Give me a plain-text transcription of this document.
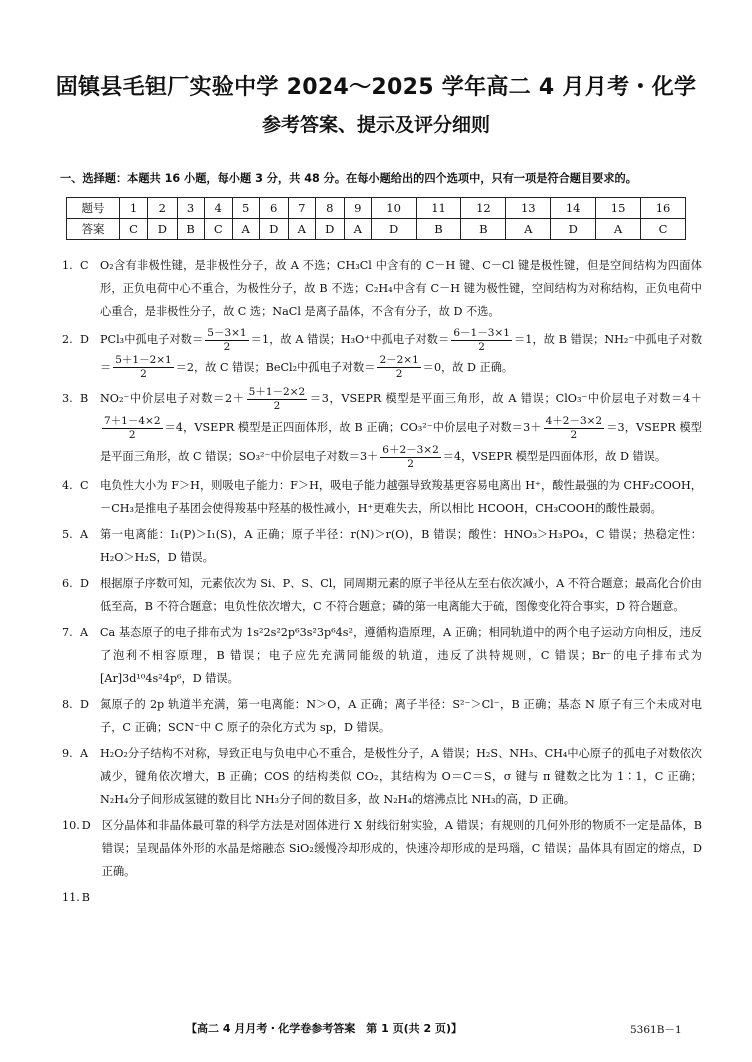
固镇县毛钽厂实验中学 2024～2025 学年高二 4 月月考・化学
参考答案、提示及评分细则
一、选择题：本题共 16 小题，每小题 3 分，共 48 分。在每小题给出的四个选项中，只有一项是符合题目要求的。
题号	1	2	3	4	5	6	7	8	9	10	11	12	13	14	15	16
答案	C	D	B	C	A	D	A	D	A	D	B	B	A	D	A	C
1. C	O₂含有非极性键，是非极性分子，故 A 不选；CH₃Cl 中含有的 C－H 键、C－Cl 键是极性键，但是空间结构为四面体形，正负电荷中心不重合，为极性分子，故 B 不选；C₂H₄中含有 C－H 键为极性键，空间结构为对称结构，正负电荷中心重合，是非极性分子，故 C 选；NaCl 是离子晶体，不含有分子，故 D 不选。
2. D PCl₃中孤电子对数＝ $\frac{5-3\times 1}{2} =1$，故 A 错误；H₃O⁺中孤电子对数＝ $\frac{6-1-3\times 1}{2} =1$，故 B 错误；NH₂⁻中孤电子对数＝ $\frac{5+1-2\times 1}{2} =2$，故 C 错误；BeCl₂中孤电子对数＝ $\frac{2-2\times 1}{2} =0$，故 D 正确。
3. B	NO₂⁻中价层电子对数$=2+ \frac{5+1-2\times 2}{2} =3$，VSEPR 模型是平面三角形，故 A 错误；ClO₃⁻中价层电子对数＝4＋
$\frac{7+1-4\times 2}{2} =4$，VSEPR 模型是正四面体形，故 B 正确；CO₃²⁻中价层电子对数$=3+ \frac{4+2-3\times 2}{2} =3$，VSEPR 模型是平面三角形，故 C 错误；SO₃²⁻中价层电子对数$=3+ \frac{6+2-3\times 2}{2} =4$，VSEPR 模型是四面体形，故 D 错误。
4. C	电负性大小为 F＞H，则吸电子能力：F＞H，吸电子能力越强导致羧基更容易电离出 H⁺，酸性最强的为 CHF₂COOH，－CH₃是推电子基团会使得羧基中羟基的极性减小，H⁺更难失去，所以相比 HCOOH，CH₃COOH的酸性最弱。
5. A	第一电离能：I₁(P)＞I₁(S)，A 正确；原子半径：r(N)＞r(O)，B 错误；酸性：HNO₃＞H₃PO₄，C 错误；热稳定性：H₂O＞H₂S，D 错误。
6. D 根据原子序数可知，元素依次为 Si、P、S、Cl，同周期元素的原子半径从左至右依次减小，A 不符合题意；最高化合价由低至高，B 不符合题意；电负性依次增大，C 不符合题意；磷的第一电离能大于硫，图像变化符合事实，D 符合题意。
7. A	Ca 基态原子的电子排布式为 1s²2s²2p⁶3s²3p⁶4s²，遵循构造原理，A 正确；相同轨道中的两个电子运动方向相反，违反了泡利不相容原理，B 错误；电子应先充满同能级的轨道，违反了洪特规则，C 错误；Br⁻的电子排布式为[Ar]3d¹⁰4s²4p⁶，D 错误。
8. D 氮原子的 2p 轨道半充满，第一电离能：N＞O，A 正确；离子半径：S²⁻＞Cl⁻，B 正确；基态 N 原子有三个未成对电子，C 正确；SCN⁻中 C 原子的杂化方式为 sp，D 错误。
9. A	H₂O₂分子结构不对称，导致正电与负电中心不重合，是极性分子，A 错误；H₂S、NH₃、CH₄中心原子的孤电子对数依次减少，键角依次增大，B 正确；COS 的结构类似 CO₂，其结构为 O＝C＝S，σ 键与 π 键数之比为 1∶1，C 正确；N₂H₄分子间形成氢键的数目比 NH₃分子间的数目多，故 N₂H₄的熔沸点比 NH₃的高，D 正确。
10. D 区分晶体和非晶体最可靠的科学方法是对固体进行 X 射线衍射实验，A 错误；有规则的几何外形的物质不一定是晶体，B 错误；呈现晶体外形的水晶是熔融态 SiO₂缓慢冷却形成的，快速冷却形成的是玛瑙，C 错误；晶体具有固定的熔点，D 正确。
11. B
【高二 4 月月考・化学卷参考答案　第 1 页(共 2 页)】	5361B－1
